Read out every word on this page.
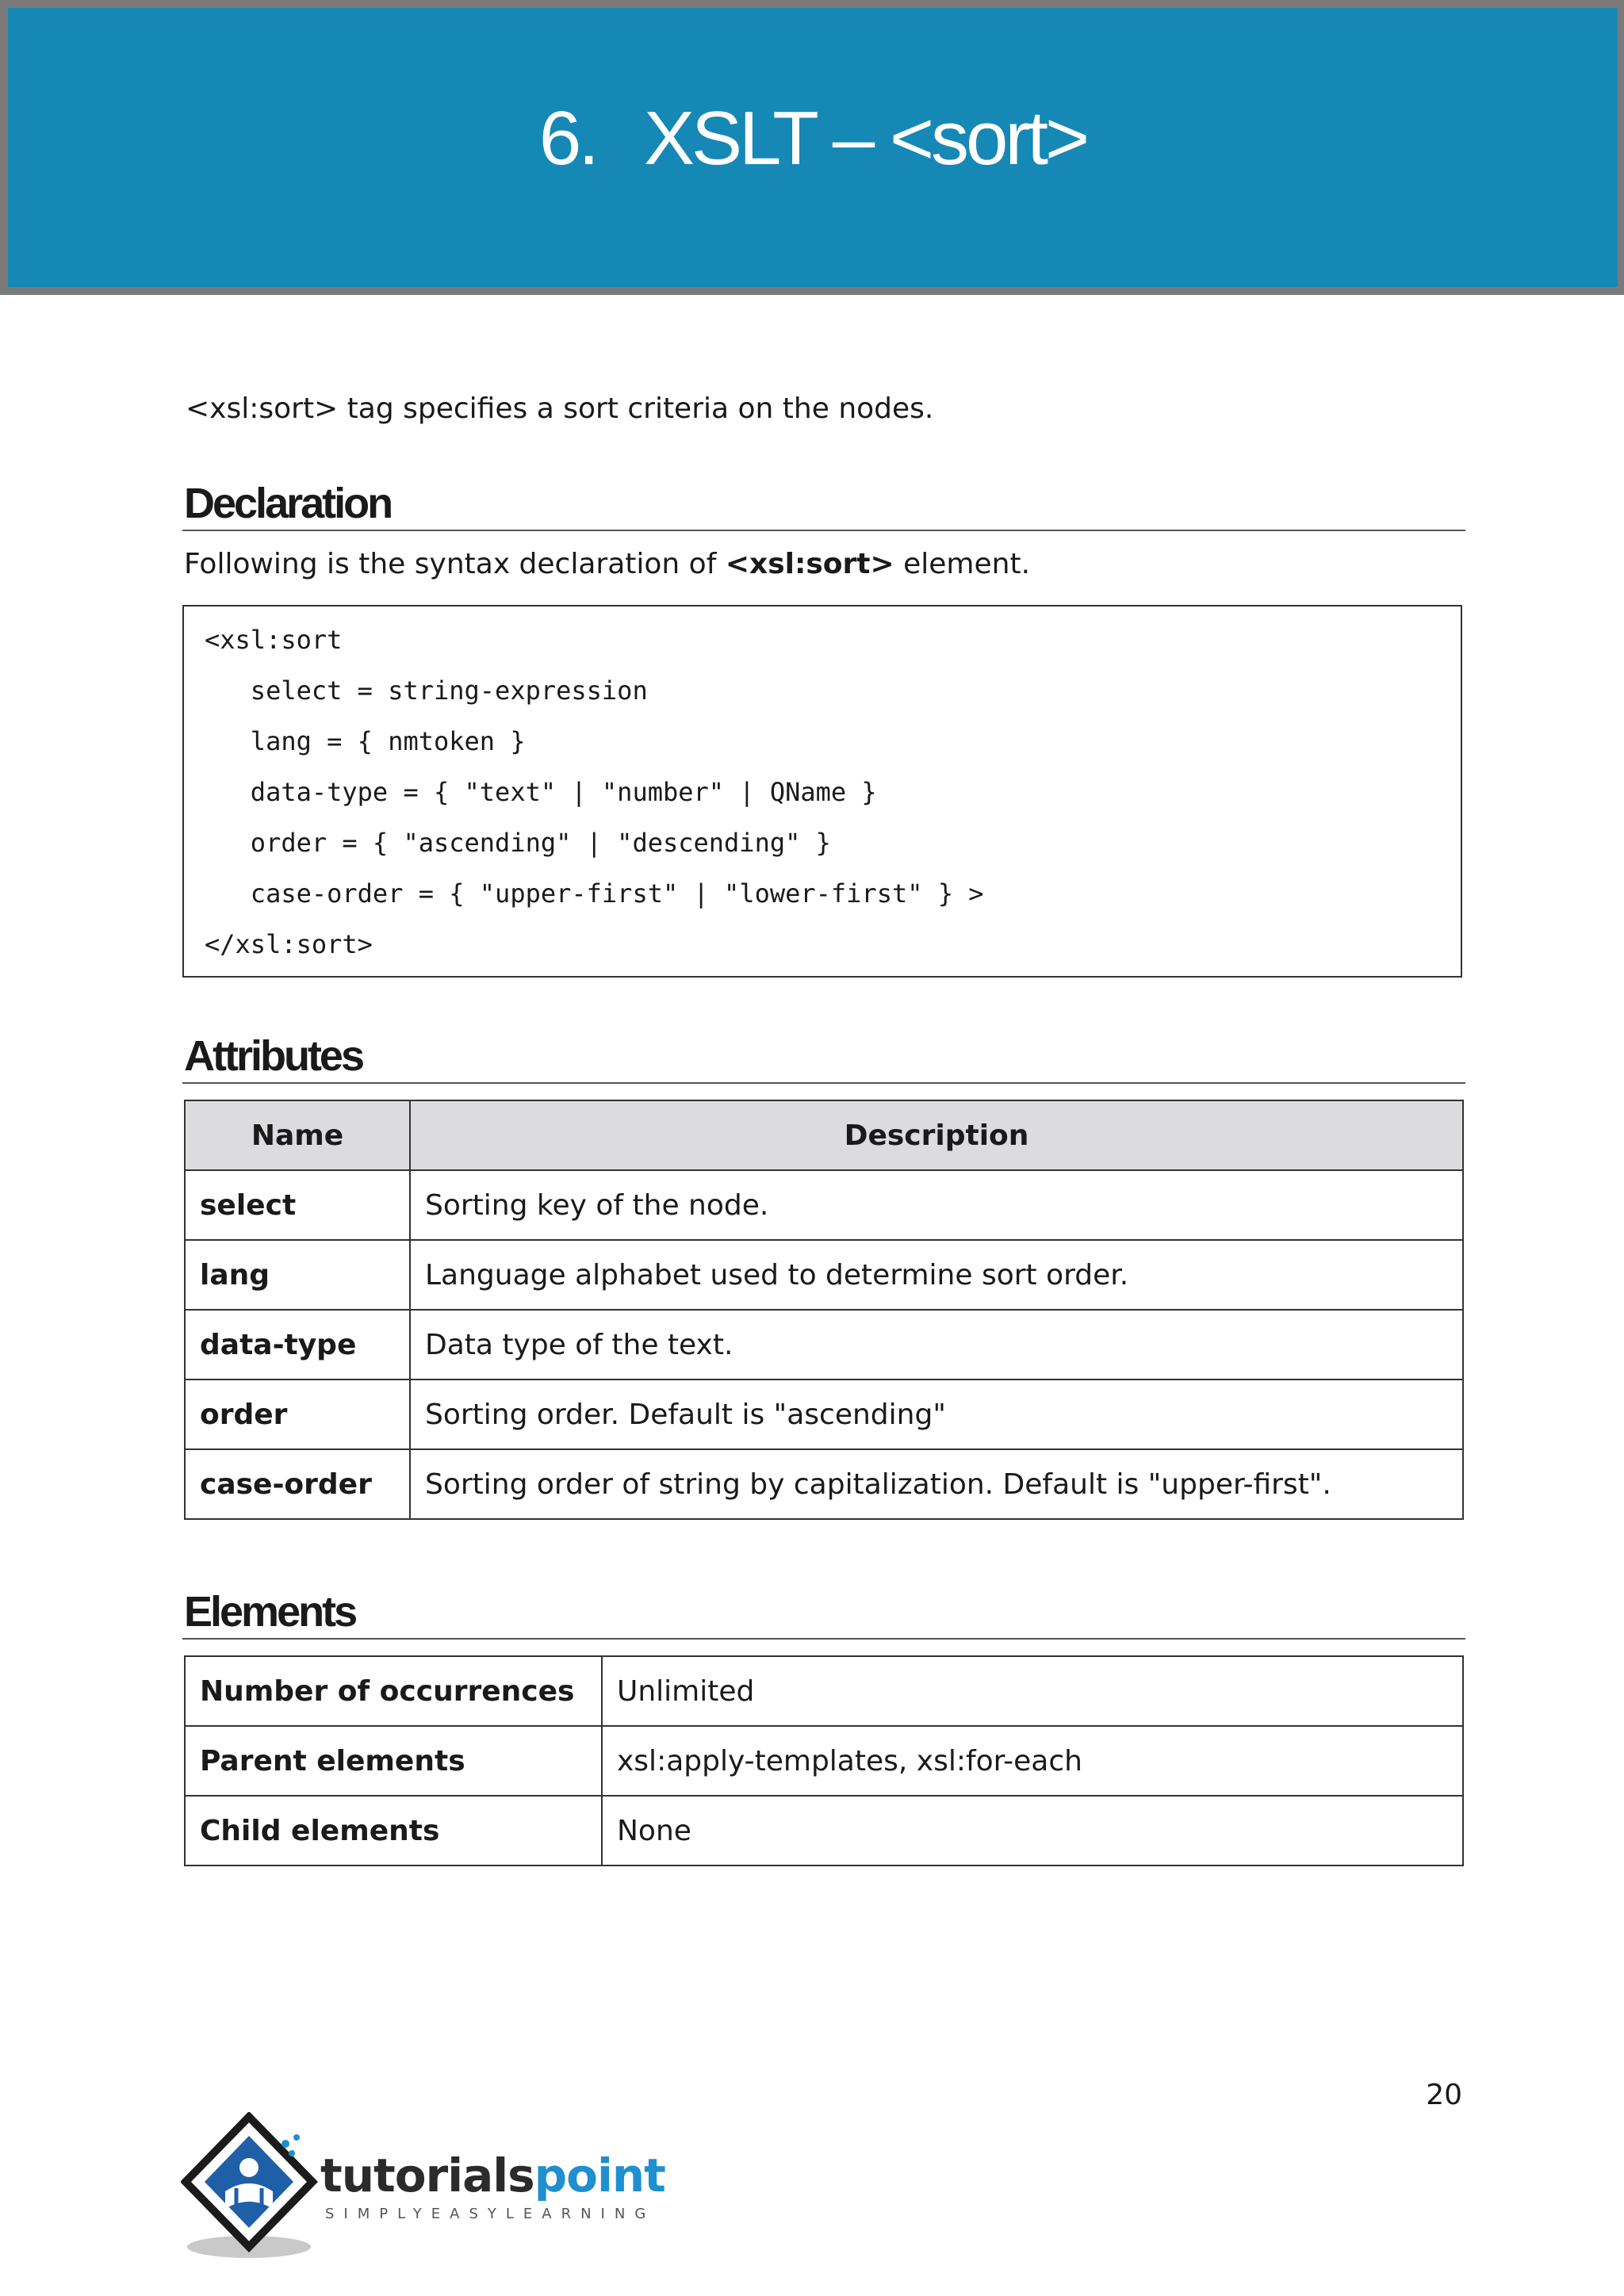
6. XSLT – <sort>
<xsl:sort> tag specifies a sort criteria on the nodes.
Declaration
Following is the syntax declaration of <xsl:sort> element.
<xsl:sort
select = string-expression
lang = { nmtoken }
data-type = { "text" | "number" | QName }
order = { "ascending" | "descending" }
case-order = { "upper-first" | "lower-first" } >
</xsl:sort>
Attributes
Name	Description
select	Sorting key of the node.
lang	Language alphabet used to determine sort order.
data-type	Data type of the text.
order	Sorting order. Default is "ascending"
case-order	Sorting order of string by capitalization. Default is "upper-first".
Elements
Number of occurrences	Unlimited
Parent elements	xsl:apply-templates, xsl:for-each
Child elements	None
20
tutorialspoint
SIMPLYEASYLEARNING
